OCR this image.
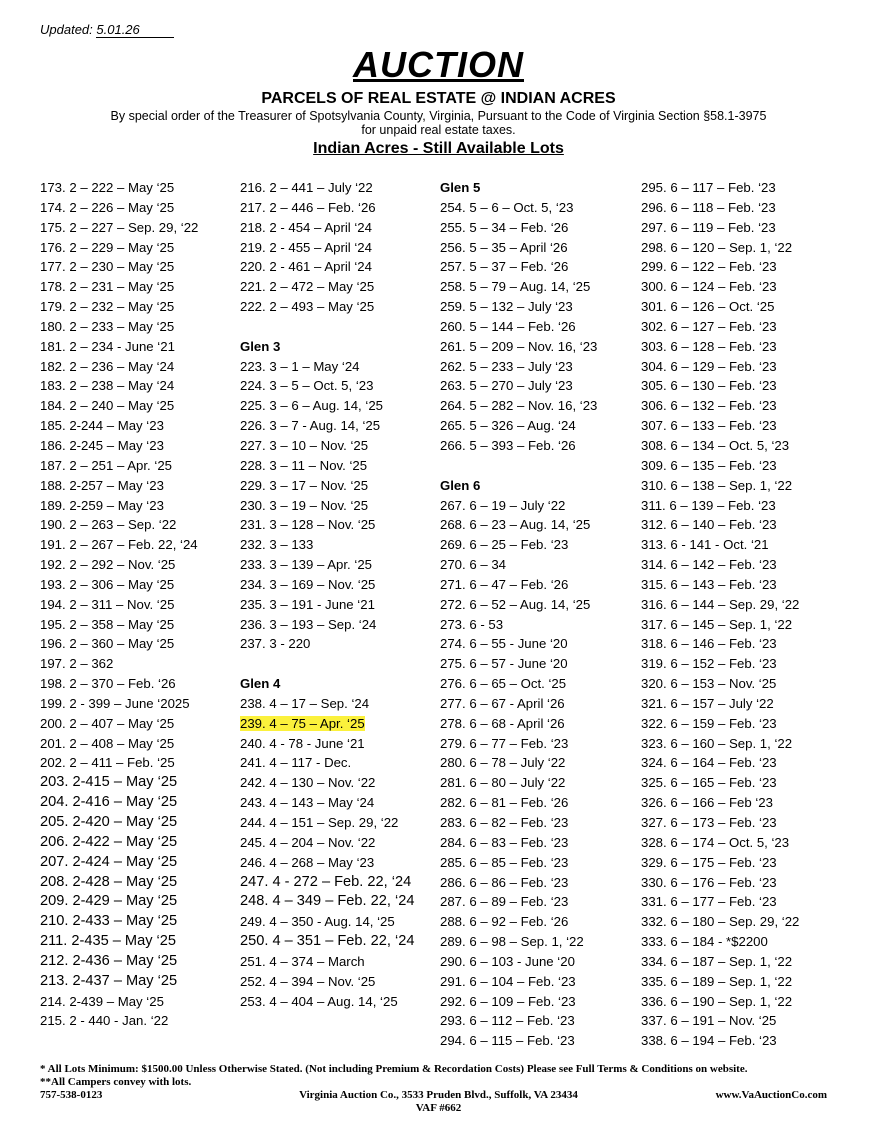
Updated: 5.01.26
AUCTION
PARCELS OF REAL ESTATE @ INDIAN ACRES
By special order of the Treasurer of Spotsylvania County, Virginia, Pursuant to the Code of Virginia Section §58.1-3975
for unpaid real estate taxes.
Indian Acres - Still Available Lots
173. 2 – 222 – May ‘25
174. 2 – 226 – May ‘25
175. 2 – 227 – Sep. 29, ‘22
176. 2 – 229 – May ‘25
177. 2 – 230 – May ‘25
178. 2 – 231 – May ‘25
179. 2 – 232 – May ‘25
180. 2 – 233 – May ‘25
181. 2 – 234 - June ‘21
182. 2 – 236 – May ‘24
183. 2 – 238 – May ‘24
184. 2 – 240 – May ‘25
185. 2-244 – May ‘23
186. 2-245 – May ‘23
187. 2 – 251 – Apr. ‘25
188. 2-257 – May ‘23
189. 2-259 – May ‘23
190. 2 – 263 – Sep. ‘22
191. 2 – 267 – Feb. 22, ‘24
192. 2 – 292 – Nov. ‘25
193. 2 – 306 – May ‘25
194. 2 – 311 – Nov. ‘25
195. 2 – 358 – May ‘25
196. 2 – 360 – May ‘25
197. 2 – 362
198. 2 – 370 – Feb. ‘26
199. 2 - 399 – June ‘2025
200. 2 – 407 – May ‘25
201. 2 – 408 – May ‘25
202. 2 – 411 – Feb. ‘25
203. 2-415 – May ‘25
204. 2-416 – May ‘25
205. 2-420 – May ‘25
206. 2-422 – May ‘25
207. 2-424 – May ‘25
208. 2-428 – May ‘25
209. 2-429 – May ‘25
210. 2-433 – May ‘25
211. 2-435 – May ‘25
212. 2-436 – May ‘25
213. 2-437 – May ‘25
214. 2-439 – May ‘25
215. 2 - 440 - Jan. ‘22
216. 2 – 441 – July ‘22
217. 2 – 446 – Feb. ‘26
218. 2 - 454 – April ‘24
219. 2 - 455 – April ‘24
220. 2 - 461 – April ‘24
221. 2 – 472 – May ‘25
222. 2 – 493 – May ‘25
Glen 3
223. 3 – 1 – May ‘24
224. 3 – 5 – Oct. 5, ‘23
225. 3 – 6 – Aug. 14, ‘25
226. 3 – 7 - Aug. 14, ‘25
227. 3 – 10 – Nov. ‘25
228. 3 – 11 – Nov. ‘25
229. 3 – 17 – Nov. ‘25
230. 3 – 19 – Nov. ‘25
231. 3 – 128 – Nov. ‘25
232. 3 – 133
233. 3 – 139 – Apr. ‘25
234. 3 – 169 – Nov. ‘25
235. 3 – 191 - June ‘21
236. 3 – 193 – Sep. ‘24
237. 3 - 220
Glen 4
238. 4 – 17 – Sep. ‘24
239. 4 – 75 – Apr. ‘25
240. 4 - 78 - June ‘21
241. 4 – 117 - Dec.
242. 4 – 130 – Nov. ‘22
243. 4 – 143 – May ‘24
244. 4 – 151 – Sep. 29, ‘22
245. 4 – 204 – Nov. ‘22
246. 4 – 268 – May ‘23
247. 4 - 272 – Feb. 22, ‘24
248. 4 – 349 – Feb. 22, ‘24
249. 4 – 350 - Aug. 14, ‘25
250. 4 – 351 – Feb. 22, ‘24
251. 4 – 374 – March
252. 4 – 394 – Nov. ‘25
253. 4 – 404 – Aug. 14, ‘25
Glen 5
254. 5 – 6 – Oct. 5, ‘23
255. 5 – 34 – Feb. ‘26
256. 5 – 35 – April ‘26
257. 5 – 37 – Feb. ‘26
258. 5 – 79 – Aug. 14, ‘25
259. 5 – 132 – July ‘23
260. 5 – 144 – Feb. ‘26
261. 5 – 209 – Nov. 16, ‘23
262. 5 – 233 – July ‘23
263. 5 – 270 – July ‘23
264. 5 – 282 – Nov. 16, ‘23
265. 5 – 326 – Aug. ‘24
266. 5 – 393 – Feb. ‘26
Glen 6
267. 6 – 19 – July ‘22
268. 6 – 23 – Aug. 14, ‘25
269. 6 – 25 – Feb. ‘23
270. 6 – 34
271. 6 – 47 – Feb. ‘26
272. 6 – 52 – Aug. 14, ‘25
273. 6 - 53
274. 6 – 55 - June ‘20
275. 6 – 57 - June ‘20
276. 6 – 65 – Oct. ‘25
277. 6 – 67 - April ‘26
278. 6 – 68 - April ‘26
279. 6 – 77 – Feb. ‘23
280. 6 – 78 – July ‘22
281. 6 – 80 – July ‘22
282. 6 – 81 – Feb. ‘26
283. 6 – 82 – Feb. ‘23
284. 6 – 83 – Feb. ‘23
285. 6 – 85 – Feb. ‘23
286. 6 – 86 – Feb. ‘23
287. 6 – 89 – Feb. ‘23
288. 6 – 92 – Feb. ‘26
289. 6 – 98 – Sep. 1, ‘22
290. 6 – 103 - June ‘20
291. 6 – 104 – Feb. ‘23
292. 6 – 109 – Feb. ‘23
293. 6 – 112 – Feb. ‘23
294. 6 – 115 – Feb. ‘23
295. 6 – 117 – Feb. ‘23
296. 6 – 118 – Feb. ‘23
297. 6 – 119 – Feb. ‘23
298. 6 – 120 – Sep. 1, ‘22
299. 6 – 122 – Feb. ‘23
300. 6 – 124 – Feb. ‘23
301. 6 – 126 – Oct. ‘25
302. 6 – 127 – Feb. ‘23
303. 6 – 128 – Feb. ‘23
304. 6 – 129 – Feb. ‘23
305. 6 – 130 – Feb. ‘23
306. 6 – 132 – Feb. ‘23
307. 6 – 133 – Feb. ‘23
308. 6 – 134 – Oct. 5, ‘23
309. 6 – 135 – Feb. ‘23
310. 6 – 138 – Sep. 1, ‘22
311. 6 – 139 – Feb. ‘23
312. 6 – 140 – Feb. ‘23
313. 6 - 141 - Oct. ‘21
314. 6 – 142 – Feb. ‘23
315. 6 – 143 – Feb. ‘23
316. 6 – 144 – Sep. 29, ‘22
317. 6 – 145 – Sep. 1, ‘22
318. 6 – 146 – Feb. ‘23
319. 6 – 152 – Feb. ‘23
320. 6 – 153 – Nov. ‘25
321. 6 – 157 – July ‘22
322. 6 – 159 – Feb. ‘23
323. 6 – 160 – Sep. 1, ‘22
324. 6 – 164 – Feb. ‘23
325. 6 – 165 – Feb. ‘23
326. 6 – 166 – Feb ‘23
327. 6 – 173 – Feb. ‘23
328. 6 – 174 – Oct. 5, ‘23
329. 6 – 175 – Feb. ‘23
330. 6 – 176 – Feb. ‘23
331. 6 – 177 – Feb. ‘23
332. 6 – 180 – Sep. 29, ‘22
333. 6 – 184 - *$2200
334. 6 – 187 – Sep. 1, ‘22
335. 6 – 189 – Sep. 1, ‘22
336. 6 – 190 – Sep. 1, ‘22
337. 6 – 191 – Nov. ‘25
338. 6 – 194 – Feb. ‘23
* All Lots Minimum: $1500.00 Unless Otherwise Stated. (Not including Premium & Recordation Costs) Please see Full Terms & Conditions on website.
**All Campers convey with lots.
757-538-0123	Virginia Auction Co., 3533 Pruden Blvd., Suffolk, VA 23434	www.VaAuctionCo.com
VAF #662
